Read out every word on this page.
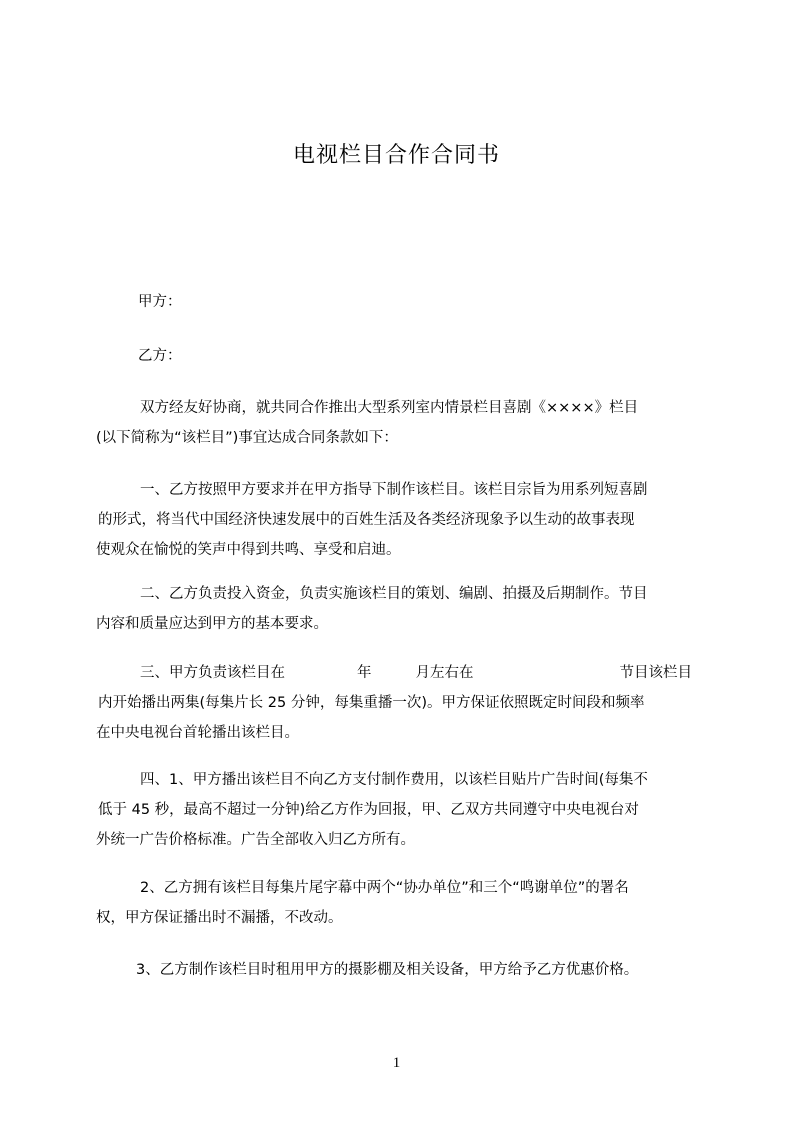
电视栏目合作合同书
甲方：
乙方：
双方经友好协商，就共同合作推出大型系列室内情景栏目喜剧《××××》栏目
(以下简称为“该栏目”)事宜达成合同条款如下：
一、乙方按照甲方要求并在甲方指导下制作该栏目。该栏目宗旨为用系列短喜剧
的形式，将当代中国经济快速发展中的百姓生活及各类经济现象予以生动的故事表现
使观众在愉悦的笑声中得到共鸣、享受和启迪。
二、乙方负责投入资金，负责实施该栏目的策划、编剧、拍摄及后期制作。节目
内容和质量应达到甲方的基本要求。
三、甲方负责该栏目在	年	月左右在	节目该栏目
内开始播出两集(每集片长 25 分钟，每集重播一次)。甲方保证依照既定时间段和频率
在中央电视台首轮播出该栏目。
四、1、甲方播出该栏目不向乙方支付制作费用，以该栏目贴片广告时间(每集不
低于 45 秒，最高不超过一分钟)给乙方作为回报，甲、乙双方共同遵守中央电视台对
外统一广告价格标准。广告全部收入归乙方所有。
2、乙方拥有该栏目每集片尾字幕中两个“协办单位”和三个“鸣谢单位”的署名
权，甲方保证播出时不漏播，不改动。
3、乙方制作该栏目时租用甲方的摄影棚及相关设备，甲方给予乙方优惠价格。
1
